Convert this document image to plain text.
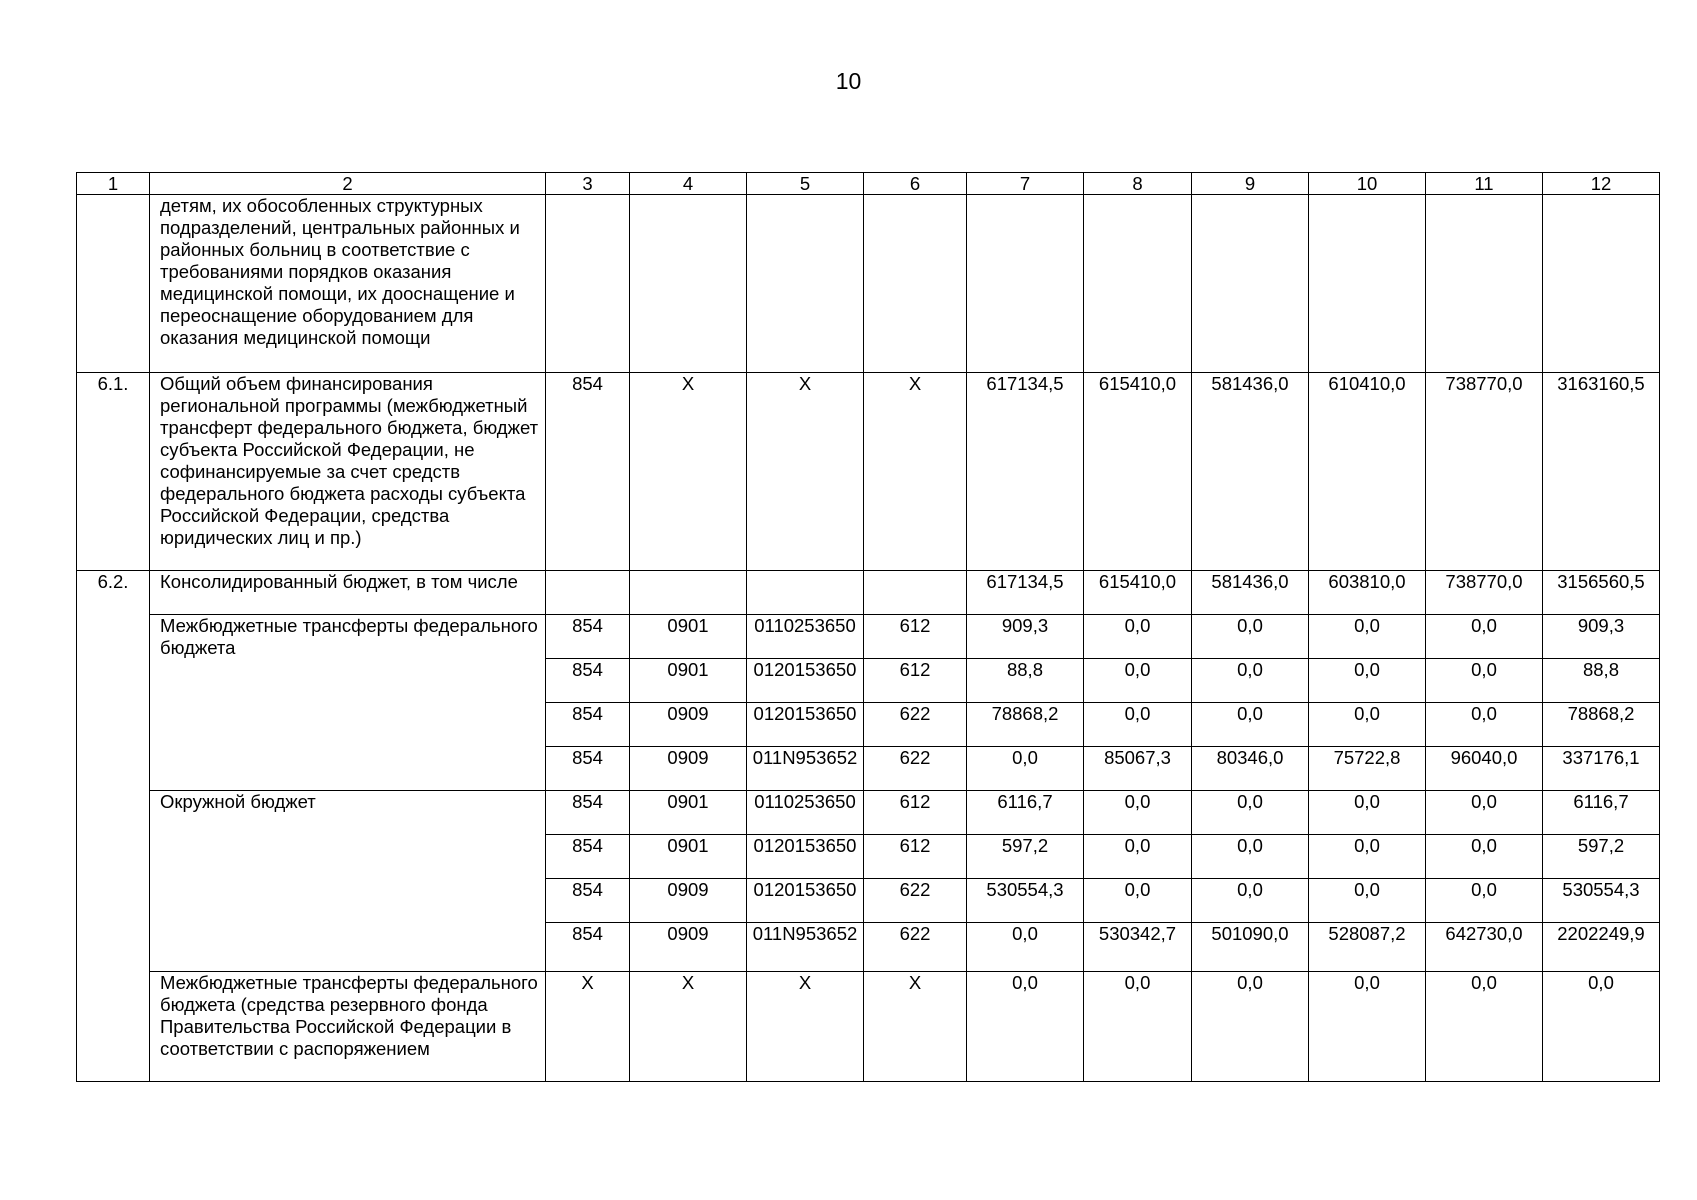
10
1	2	3	4	5	6	7	8	9	10	11	12
	детям, их обособленных структурных подразделений, центральных районных и районных больниц в соответствие с требованиями порядков оказания медицинской помощи, их дооснащение и переоснащение оборудованием для оказания медицинской помощи										
6.1.	Общий объем финансирования региональной программы (межбюджетный трансферт федерального бюджета, бюджет субъекта Российской Федерации, не софинансируемые за счет средств федерального бюджета расходы субъекта Российской Федерации, средства юридических лиц и пр.)	854	Х	Х	Х	617134,5	615410,0	581436,0	610410,0	738770,0	3163160,5
6.2.	Консолидированный бюджет, в том числе					617134,5	615410,0	581436,0	603810,0	738770,0	3156560,5
	Межбюджетные трансферты федерального бюджета	854	0901	0110253650	612	909,3	0,0	0,0	0,0	0,0	909,3
		854	0901	0120153650	612	88,8	0,0	0,0	0,0	0,0	88,8
		854	0909	0120153650	622	78868,2	0,0	0,0	0,0	0,0	78868,2
		854	0909	011N953652	622	0,0	85067,3	80346,0	75722,8	96040,0	337176,1
	Окружной бюджет	854	0901	0110253650	612	6116,7	0,0	0,0	0,0	0,0	6116,7
		854	0901	0120153650	612	597,2	0,0	0,0	0,0	0,0	597,2
		854	0909	0120153650	622	530554,3	0,0	0,0	0,0	0,0	530554,3
		854	0909	011N953652	622	0,0	530342,7	501090,0	528087,2	642730,0	2202249,9
	Межбюджетные трансферты федерального бюджета (средства резервного фонда Правительства Российской Федерации в соответствии с распоряжением	Х	Х	Х	Х	0,0	0,0	0,0	0,0	0,0	0,0
